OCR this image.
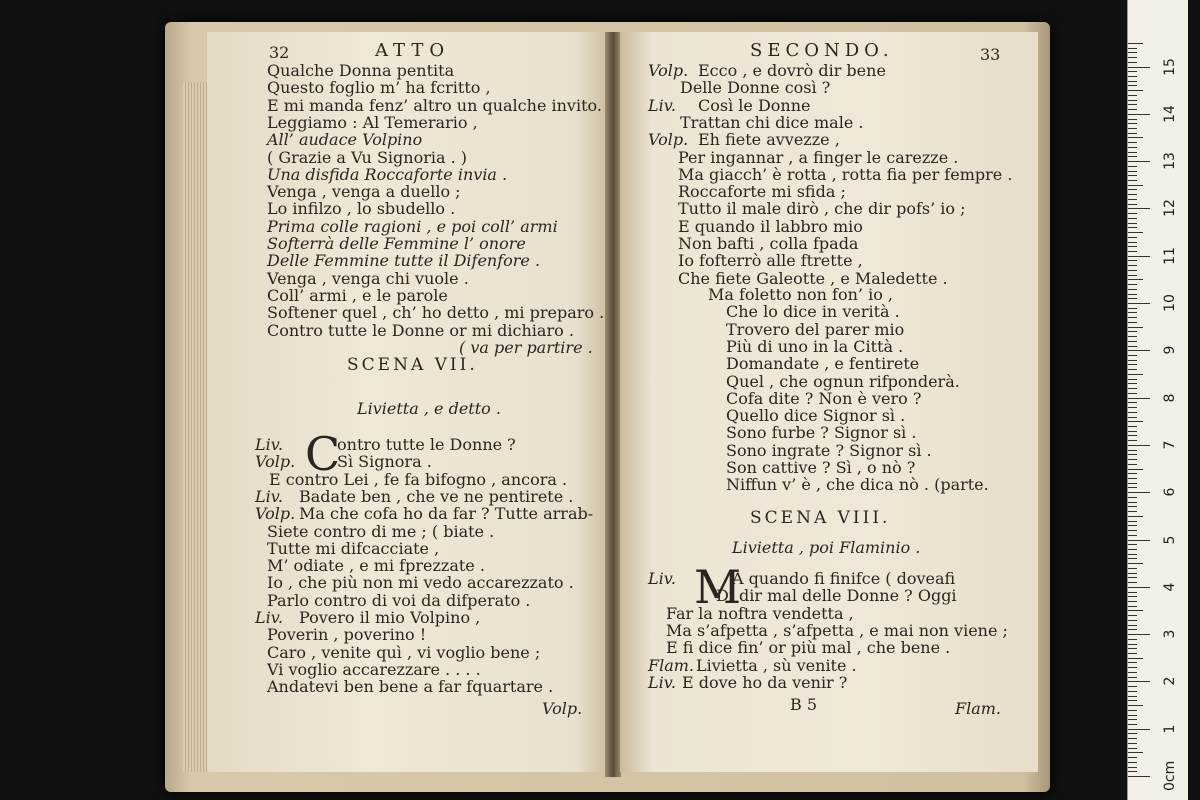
32	ATTO
Qualche Donna pentita
Questo foglio m’ ha fcritto ,
E mi manda fenz’ altro un qualche invito.
Leggiamo : Al Temerario ,
All’ audace Volpino
( Grazie a Vu Signoria . )
Una disfida Roccaforte invia .
Venga , venga a duello ;
Lo infilzo , lo sbudello .
Prima colle ragioni , e poi coll’ armi
Softerrà delle Femmine l’ onore
Delle Femmine tutte il Difenfore .
Venga , venga chi vuole .
Coll’ armi , e le parole
Softener quel , ch’ ho detto , mi preparo .
Contro tutte le Donne or mi dichiaro .
( va per partire .
SCENA VII.
Livietta , e detto .
C
Liv.	ontro tutte le Donne ?
Volp.	Sì Signora .
E contro Lei , fe fa bifogno , ancora .
Liv. Badate ben , che ve ne pentirete .
Volp. Ma che cofa ho da far ? Tutte arrab-
Siete contro di me ; ( biate .
Tutte mi difcacciate ,
M’ odiate , e mi fprezzate .
Io , che più non mi vedo accarezzato .
Parlo contro di voi da difperato .
Liv. Povero il mio Volpino ,
Poverin , poverino !
Caro , venite quì , vi voglio bene ;
Vi voglio accarezzare . . . .
Andatevi ben bene a far fquartare .
Volp.
SECONDO.	33
Volp. Ecco , e dovrò dir bene
Delle Donne così ?
Liv. Così le Donne
Trattan chi dice male .
Volp. Eh fiete avvezze ,
Per ingannar , a finger le carezze .
Ma giacch’ è rotta , rotta fia per fempre .
Roccaforte mi sfida ;
Tutto il male dirò , che dir pofs’ io ;
E quando il labbro mio
Non bafti , colla fpada
Io fofterrò alle ftrette ,
Che fiete Galeotte , e Maledette .
Ma foletto non fon’ io ,
Che lo dice in verità .
Trovero del parer mio
Più di uno in la Città .
Domandate , e fentirete
Quel , che ognun rifponderà.
Cofa dite ? Non è vero ?
Quello dice Signor sì .
Sono furbe ? Signor sì .
Sono ingrate ? Signor sì .
Son cattive ? Sì , o nò ?
Niffun v’ è , che dica nò . (parte.
SCENA VIII.
Livietta , poi Flaminio .
M
Liv.	A quando fi finifce ( doveafi
Di dir mal delle Donne ? Oggi
Far la noftra vendetta ,
Ma s’afpetta , s’afpetta , e mai non viene ;
E fi dice fin’ or più mal , che bene .
Flam. Livietta , sù venite .
Liv. E dove ho da venir ?
B 5	Flam.
0cm
1
2
3
4
5
6
7
8
9
10
11
12
13
14
15
